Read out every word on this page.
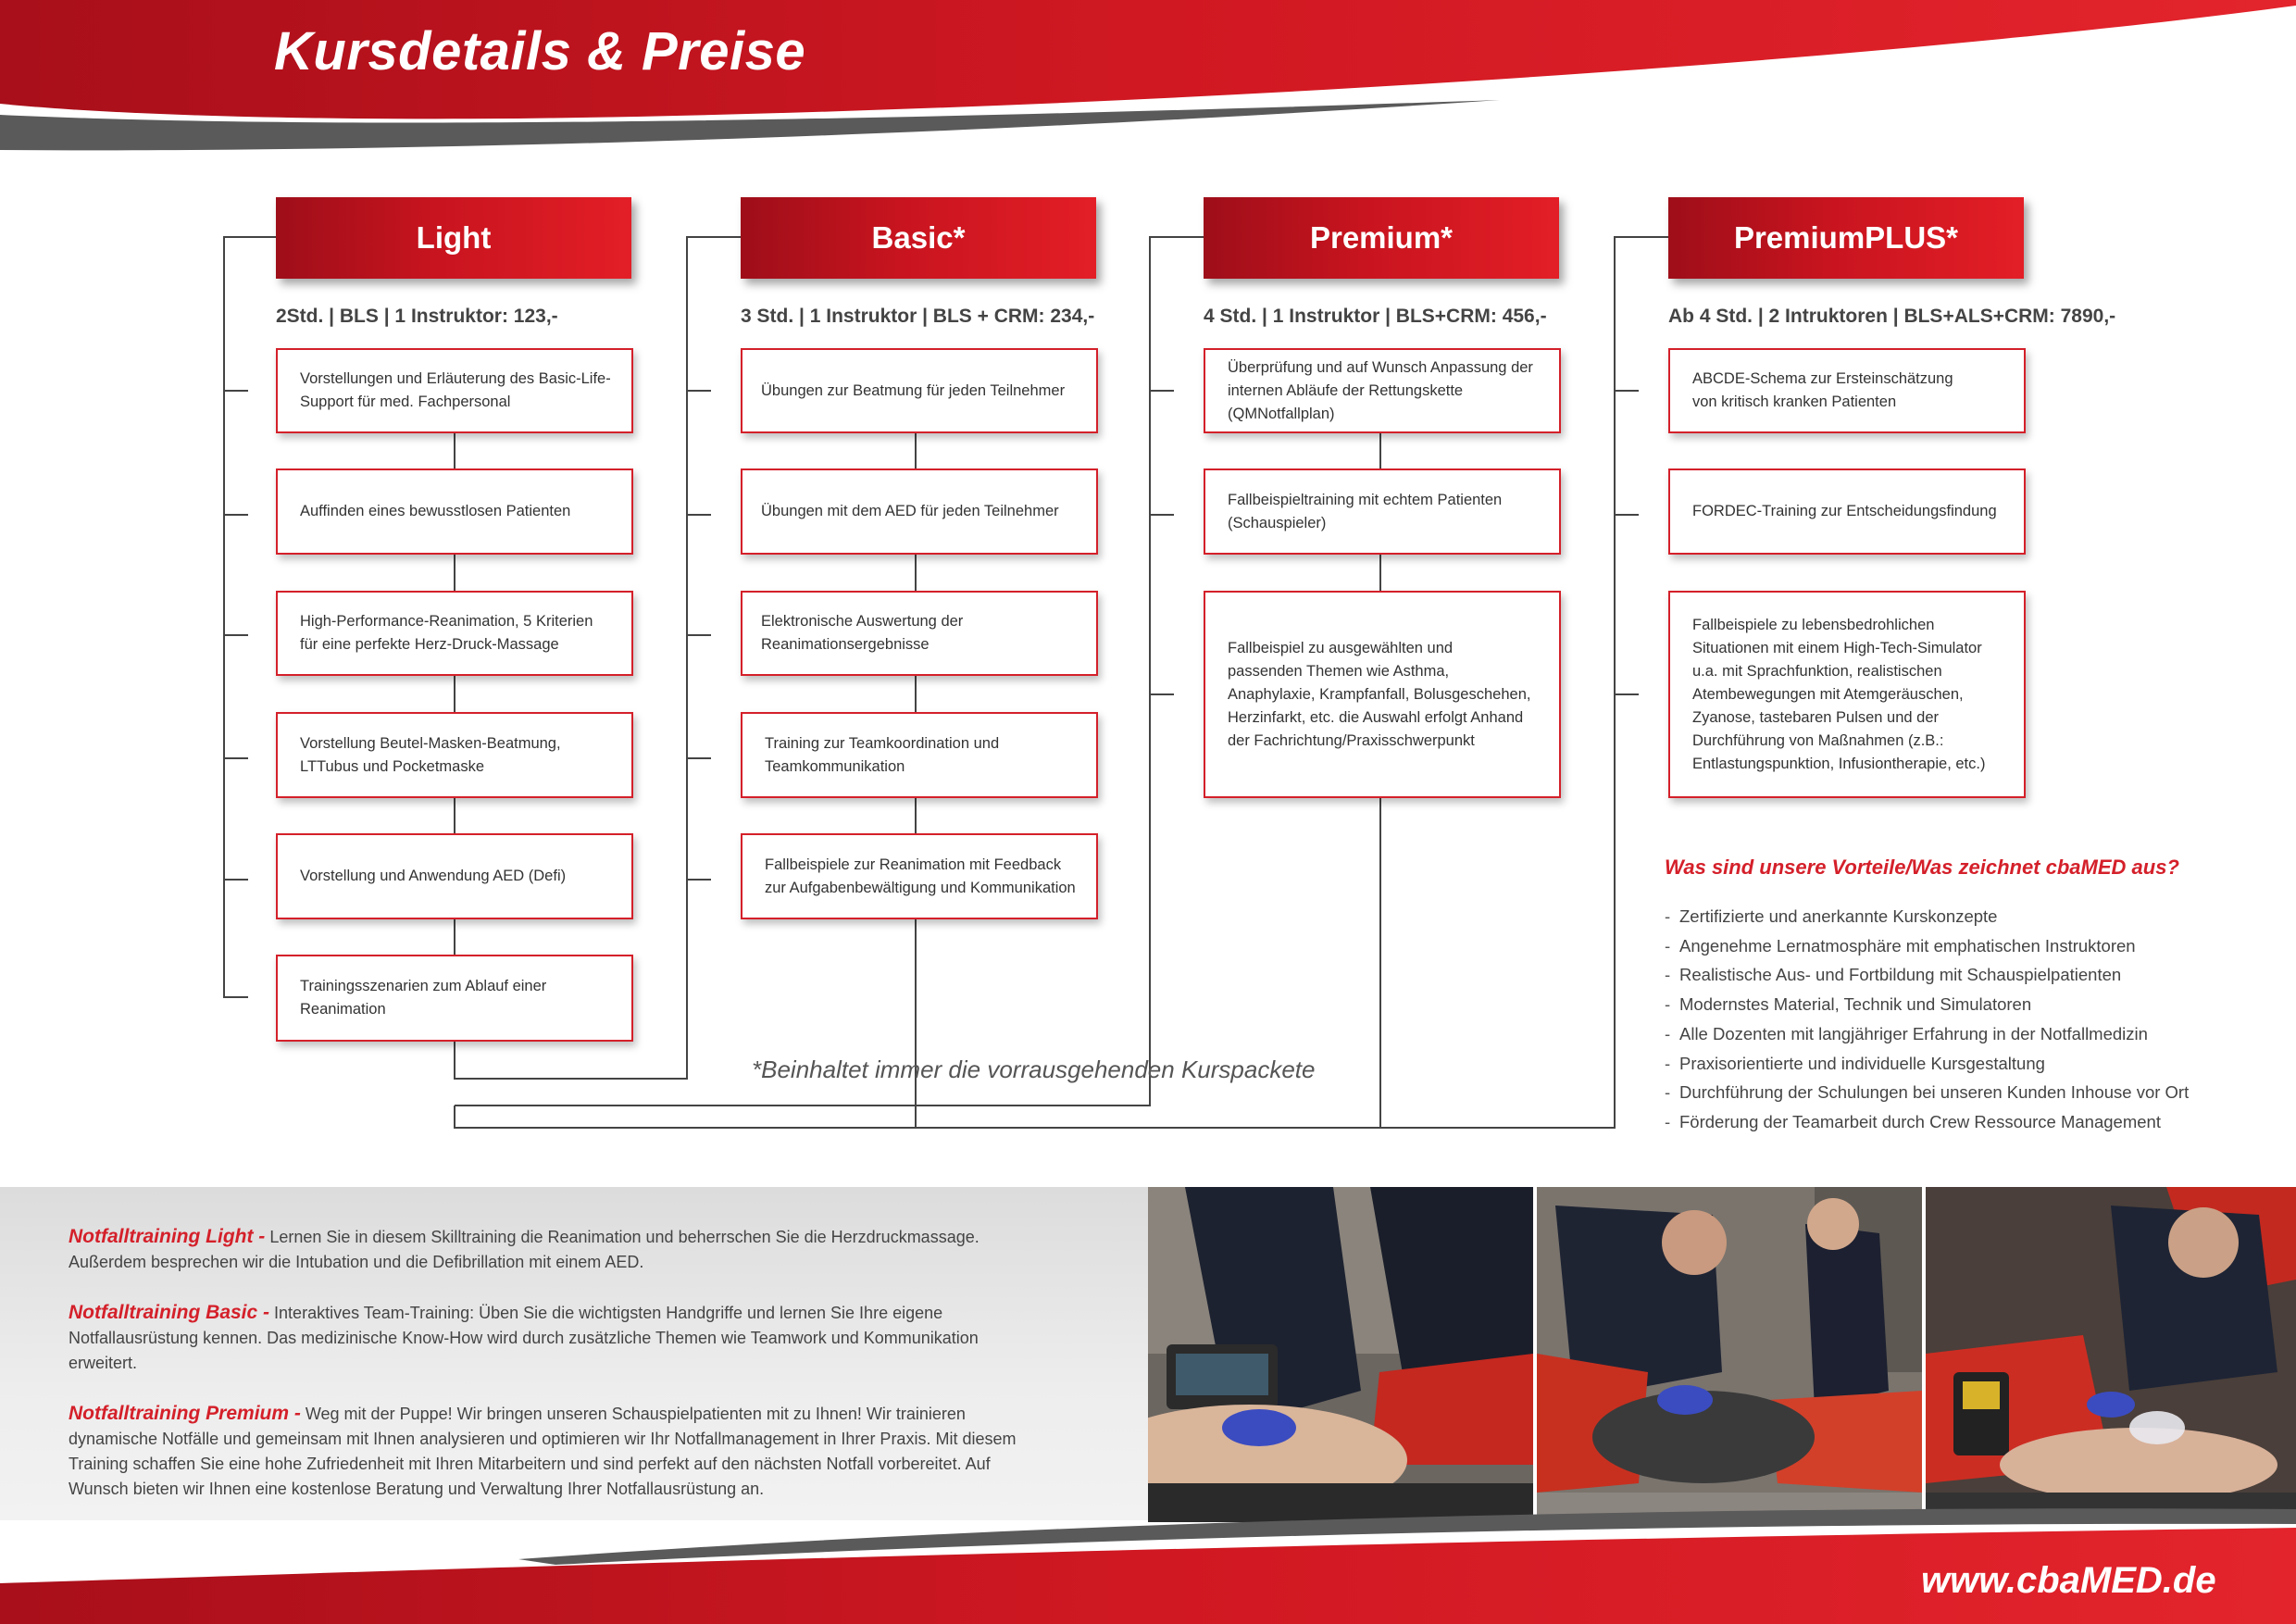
Kursdetails & Preise
Light
2Std. | BLS | 1 Instruktor: 123,-
Vorstellungen und Erläuterung des Basic-Life-Support für med. Fachpersonal
Auffinden eines bewusstlosen Patienten
High-Performance-Reanimation, 5 Kriterien für eine perfekte Herz-Druck-Massage
Vorstellung Beutel-Masken-Beatmung, LTTubus und Pocketmaske
Vorstellung und Anwendung AED (Defi)
Trainingsszenarien zum Ablauf einer Reanimation
Basic*
3 Std. | 1 Instruktor | BLS + CRM: 234,-
Übungen zur Beatmung für jeden Teilnehmer
Übungen mit dem AED für jeden Teilnehmer
Elektronische Auswertung der Reanimationsergebnisse
Training zur Teamkoordination und Teamkommunikation
Fallbeispiele zur Reanimation mit Feedback zur Aufgabenbewältigung und Kommunikation
Premium*
4 Std. | 1 Instruktor | BLS+CRM: 456,-
Überprüfung und auf Wunsch Anpassung der internen Abläufe der Rettungskette (QMNotfallplan)
Fallbeispieltraining mit echtem Patienten (Schauspieler)
Fallbeispiel zu ausgewählten und passenden Themen wie Asthma, Anaphylaxie, Krampfanfall, Bolusgeschehen, Herzinfarkt, etc. die Auswahl erfolgt Anhand der Fachrichtung/Praxisschwerpunkt
PremiumPLUS*
Ab 4 Std. | 2 Intruktoren | BLS+ALS+CRM: 7890,-
ABCDE-Schema zur Ersteinschätzung von kritisch kranken Patienten
FORDEC-Training zur Entscheidungsfindung
Fallbeispiele zu lebensbedrohlichen Situationen mit einem High-Tech-Simulator u.a. mit Sprachfunktion, realistischen Atembewegungen mit Atemgeräuschen, Zyanose, tastebaren Pulsen und der Durchführung von Maßnahmen (z.B.: Entlastungspunktion, Infusiontherapie, etc.)
*Beinhaltet immer die vorrausgehenden Kurspackete
Was sind unsere Vorteile/Was zeichnet cbaMED aus?
- Zertifizierte und anerkannte Kurskonzepte
- Angenehme Lernatmosphäre mit emphatischen Instruktoren
- Realistische Aus- und Fortbildung mit Schauspielpatienten
- Modernstes Material, Technik und Simulatoren
- Alle Dozenten mit langjähriger Erfahrung in der Notfallmedizin
- Praxisorientierte und individuelle Kursgestaltung
- Durchführung der Schulungen bei unseren Kunden Inhouse vor Ort
- Förderung der Teamarbeit durch Crew Ressource Management

Notfalltraining Light - Lernen Sie in diesem Skilltraining die Reanimation und beherrschen Sie die Herzdruckmassage. Außerdem besprechen wir die Intubation und die Defibrillation mit einem AED.

Notfalltraining Basic - Interaktives Team-Training: Üben Sie die wichtigsten Handgriffe und lernen Sie Ihre eigene Notfallausrüstung kennen. Das medizinische Know-How wird durch zusätzliche Themen wie Teamwork und Kommunikation erweitert.

Notfalltraining Premium - Weg mit der Puppe! Wir bringen unseren Schauspielpatienten mit zu Ihnen! Wir trainieren dynamische Notfälle und gemeinsam mit Ihnen analysieren und optimieren wir Ihr Notfallmanagement in Ihrer Praxis. Mit diesem Training schaffen Sie eine hohe Zufriedenheit mit Ihren Mitarbeitern und sind perfekt auf den nächsten Notfall vorbereitet. Auf Wunsch bieten wir Ihnen eine kostenlose Beratung und Verwaltung Ihrer Notfallausrüstung an.

www.cbaMED.de
